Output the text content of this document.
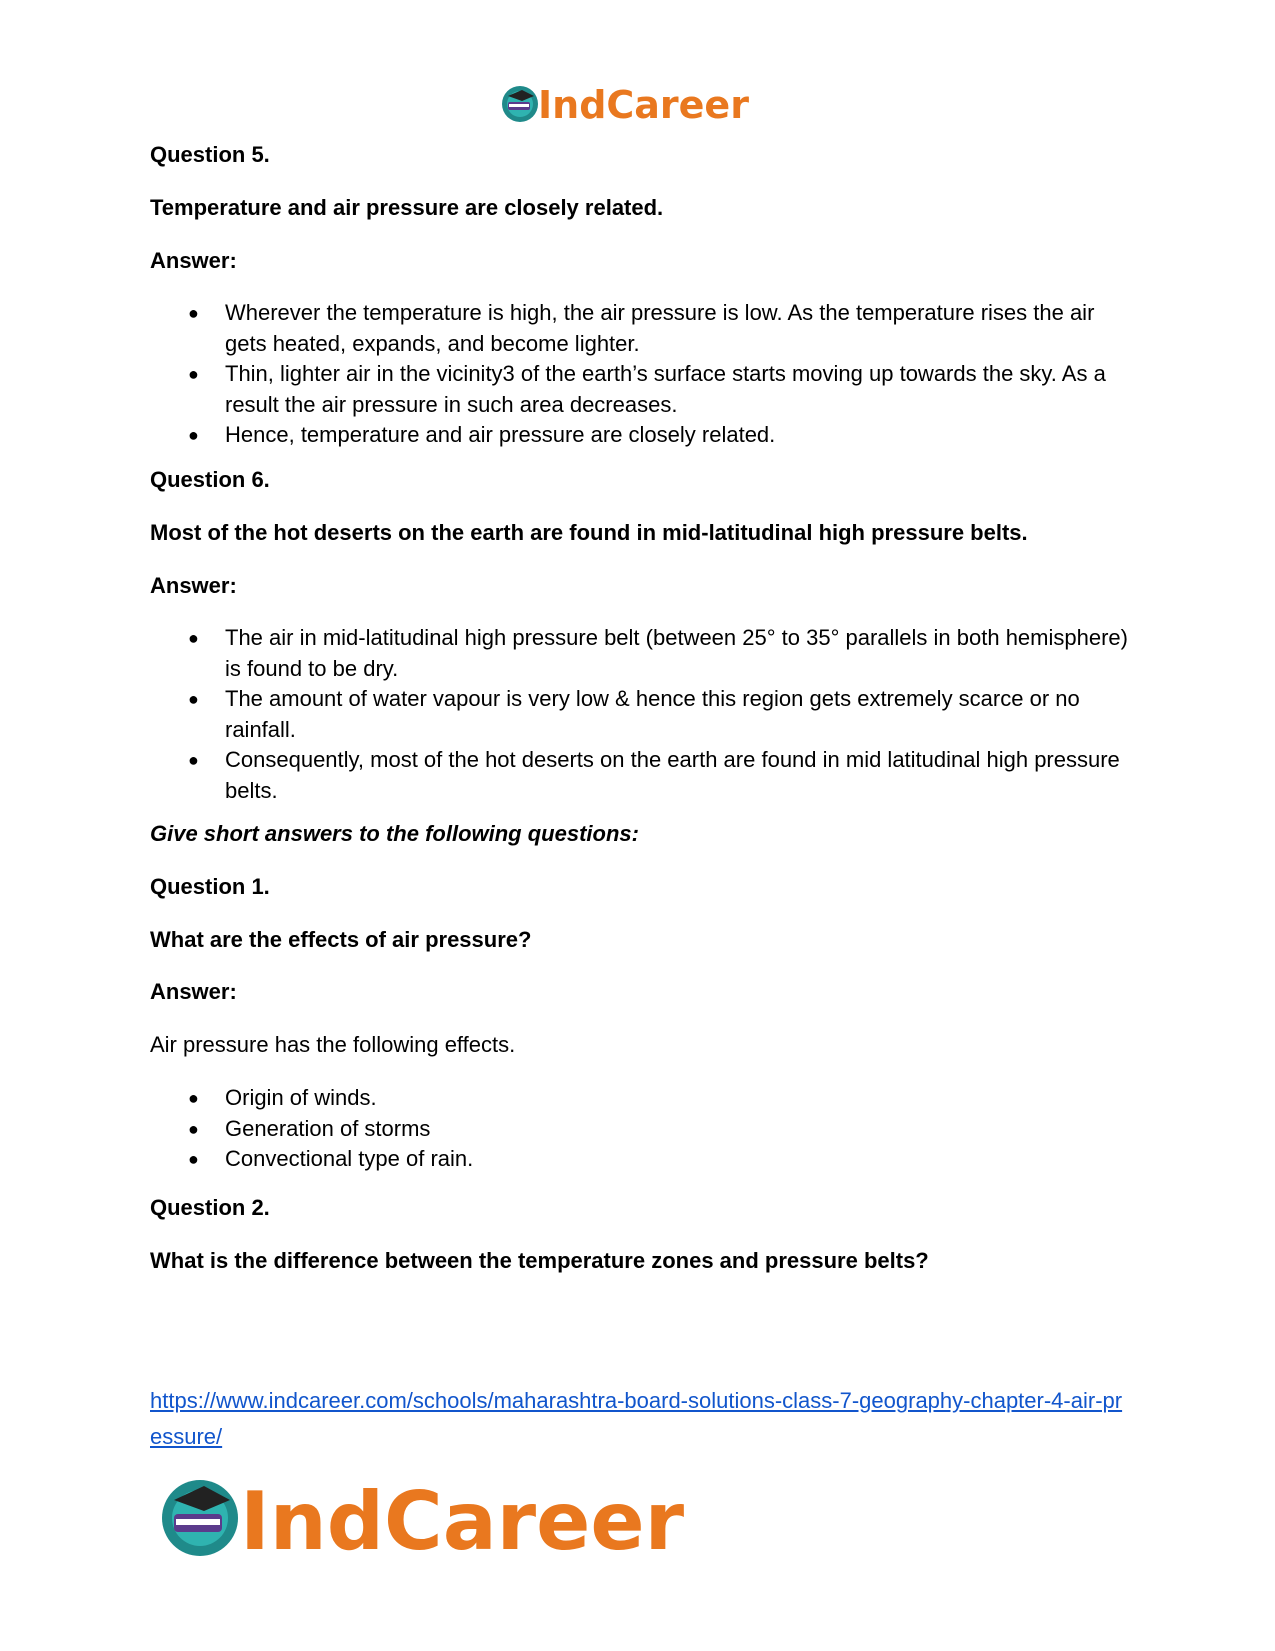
IndCareer
Question 5.
Temperature and air pressure are closely related.
Answer:
● Wherever the temperature is high, the air pressure is low. As the temperature rises the air gets heated, expands, and become lighter.
● Thin, lighter air in the vicinity3 of the earth’s surface starts moving up towards the sky. As a result the air pressure in such area decreases.
● Hence, temperature and air pressure are closely related.
Question 6.
Most of the hot deserts on the earth are found in mid-latitudinal high pressure belts.
Answer:
● The air in mid-latitudinal high pressure belt (between 25° to 35° parallels in both hemisphere) is found to be dry.
● The amount of water vapour is very low & hence this region gets extremely scarce or no rainfall.
● Consequently, most of the hot deserts on the earth are found in mid latitudinal high pressure belts.
Give short answers to the following questions:
Question 1.
What are the effects of air pressure?
Answer:
Air pressure has the following effects.
● Origin of winds.
● Generation of storms
● Convectional type of rain.
Question 2.
What is the difference between the temperature zones and pressure belts?
https://www.indcareer.com/schools/maharashtra-board-solutions-class-7-geography-chapter-4-air-pressure/
IndCareer
